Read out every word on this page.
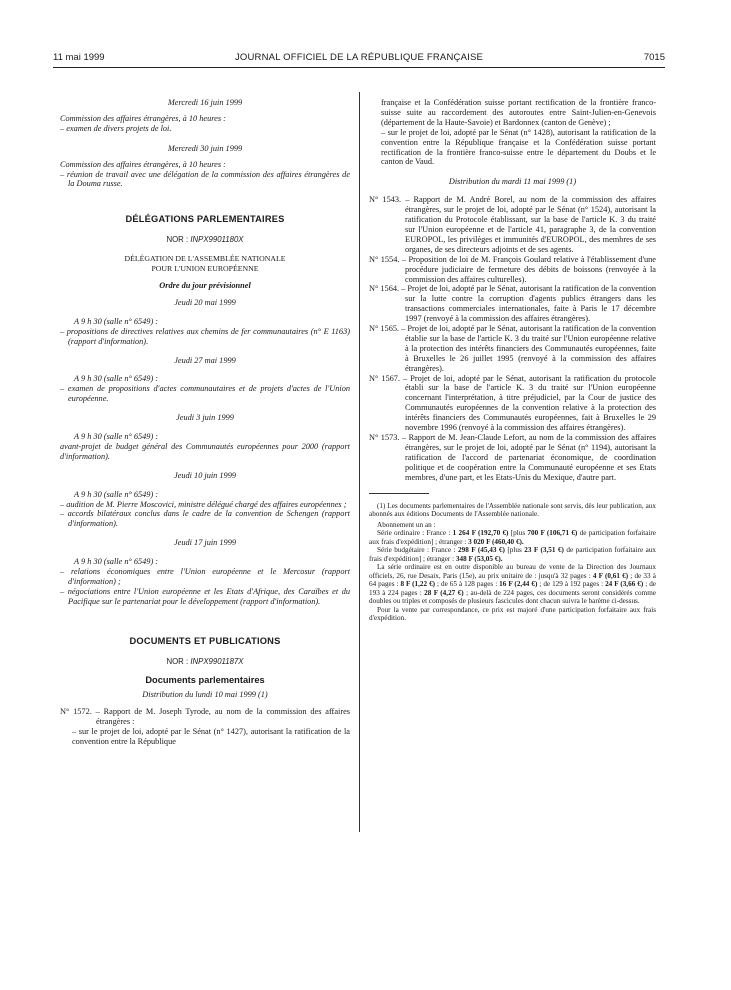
11 mai 1999	JOURNAL OFFICIEL DE LA RÉPUBLIQUE FRANÇAISE	7015

Mercredi 16 juin 1999

Commission des affaires étrangères, à 10 heures :

– examen de divers projets de loi.

Mercredi 30 juin 1999

Commission des affaires étrangères, à 10 heures :

– réunion de travail avec une délégation de la commission des affaires étrangères de la Douma russe.

DÉLÉGATIONS PARLEMENTAIRES

NOR : INPX9901180X

DÉLÉGATION DE L'ASSEMBLÉE NATIONALE

POUR L'UNION EUROPÉENNE

Ordre du jour prévisionnel

Jeudi 20 mai 1999

A 9 h 30 (salle n° 6549) :

– propositions de directives relatives aux chemins de fer communautaires (n° E 1163) (rapport d'information).

Jeudi 27 mai 1999

A 9 h 30 (salle n° 6549) :

– examen de propositions d'actes communautaires et de projets d'actes de l'Union européenne.

Jeudi 3 juin 1999

A 9 h 30 (salle n° 6549) :

avant-projet de budget général des Communautés européennes pour 2000 (rapport d'information).

Jeudi 10 juin 1999

A 9 h 30 (salle n° 6549) :

– audition de M. Pierre Moscovici, ministre délégué chargé des affaires européennes ;

– accords bilatéraux conclus dans le cadre de la convention de Schengen (rapport d'information).

Jeudi 17 juin 1999

A 9 h 30 (salle n° 6549) :

– relations économiques entre l'Union européenne et le Mercosur (rapport d'information) ;

– négociations entre l'Union européenne et les Etats d'Afrique, des Caraïbes et du Pacifique sur le partenariat pour le développement (rapport d'information).

DOCUMENTS ET PUBLICATIONS

NOR : INPX9901187X

Documents parlementaires

Distribution du lundi 10 mai 1999 (1)

N° 1572. – Rapport de M. Joseph Tyrode, au nom de la commission des affaires étrangères :

– sur le projet de loi, adopté par le Sénat (n° 1427), autorisant la ratification de la convention entre la République

française et la Confédération suisse portant rectification de la frontière franco-suisse suite au raccordement des autoroutes entre Saint-Julien-en-Genevois (département de la Haute-Savoie) et Bardonnex (canton de Genève) ;

– sur le projet de loi, adopté par le Sénat (n° 1428), autorisant la ratification de la convention entre la République française et la Confédération suisse portant rectification de la frontière franco-suisse entre le département du Doubs et le canton de Vaud.

Distribution du mardi 11 mai 1999 (1)

N° 1543. – Rapport de M. André Borel, au nom de la commission des affaires étrangères, sur le projet de loi, adopté par le Sénat (n° 1524), autorisant la ratification du Protocole établissant, sur la base de l'article K. 3 du traité sur l'Union européenne et de l'article 41, paragraphe 3, de la convention EUROPOL, les privilèges et immunités d'EUROPOL, des membres de ses organes, de ses directeurs adjoints et de ses agents.

N° 1554. – Proposition de loi de M. François Goulard relative à l'établissement d'une procédure judiciaire de fermeture des débits de boissons (renvoyée à la commission des affaires culturelles).

N° 1564. – Projet de loi, adopté par le Sénat, autorisant la ratification de la convention sur la lutte contre la corruption d'agents publics étrangers dans les transactions commerciales internationales, faite à Paris le 17 décembre 1997 (renvoyé à la commission des affaires étrangères).

N° 1565. – Projet de loi, adopté par le Sénat, autorisant la ratification de la convention établie sur la base de l'article K. 3 du traité sur l'Union européenne relative à la protection des intérêts financiers des Communautés européennes, faite à Bruxelles le 26 juillet 1995 (renvoyé à la commission des affaires étrangères).

N° 1567. – Projet de loi, adopté par le Sénat, autorisant la ratification du protocole établi sur la base de l'article K. 3 du traité sur l'Union européenne concernant l'interprétation, à titre préjudiciel, par la Cour de justice des Communautés européennes de la convention relative à la protection des intérêts financiers des Communautés européennes, fait à Bruxelles le 29 novembre 1996 (renvoyé à la commission des affaires étrangères).

N° 1573. – Rapport de M. Jean-Claude Lefort, au nom de la commission des affaires étrangères, sur le projet de loi, adopté par le Sénat (n° 1194), autorisant la ratification de l'accord de partenariat économique, de coordination politique et de coopération entre la Communauté européenne et ses Etats membres, d'une part, et les Etats-Unis du Mexique, d'autre part.

(1) Les documents parlementaires de l'Assemblée nationale sont servis, dès leur publication, aux abonnés aux éditions Documents de l'Assemblée nationale.

Abonnement un an :

Série ordinaire : France : 1 264 F (192,70 €) [plus 700 F (106,71 €) de participation forfaitaire aux frais d'expédition] ; étranger : 3 020 F (460,40 €).

Série budgétaire : France : 298 F (45,43 €) [plus 23 F (3,51 €) de participation forfaitaire aux frais d'expédition] ; étranger : 348 F (53,05 €).

La série ordinaire est en outre disponible au bureau de vente de la Direction des Journaux officiels, 26, rue Desaix, Paris (15e), au prix unitaire de : jusqu'à 32 pages : 4 F (0,61 €) ; de 33 à 64 pages : 8 F (1,22 €) ; de 65 à 128 pages : 16 F (2,44 €) ; de 129 à 192 pages : 24 F (3,66 €) ; de 193 à 224 pages : 28 F (4,27 €) ; au-delà de 224 pages, ces documents seront considérés comme doubles ou triples et composés de plusieurs fascicules dont chacun suivra le barème ci-dessus.

Pour la vente par correspondance, ce prix est majoré d'une participation forfaitaire aux frais d'expédition.
